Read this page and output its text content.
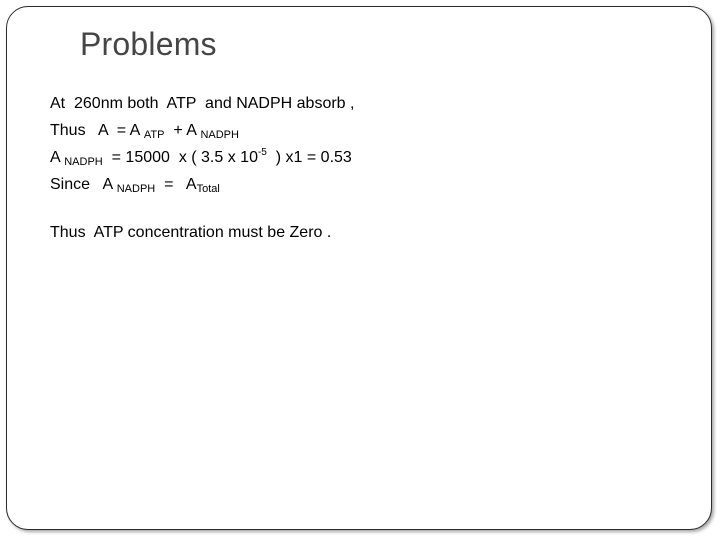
Problems
At  260nm both  ATP  and NADPH absorb ,
Thus   A  = A $_{ATP}$  + A $_{NADPH}$
A $_{NADPH}$  = 15000  x ( 3.5 x $10^{-5}$  ) x1 = 0.53
Since   A $_{NADPH} = A_{Total}$
Thus  ATP concentration must be Zero .
